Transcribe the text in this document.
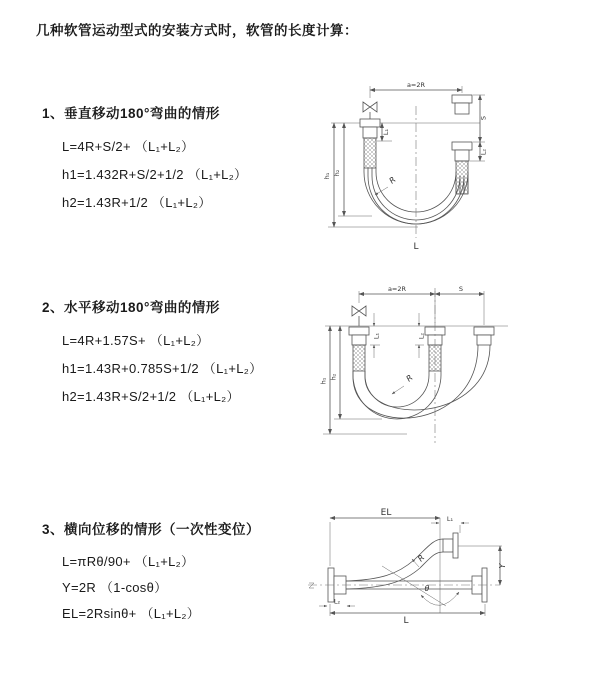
几种软管运动型式的安装方式时，软管的长度计算：
1、垂直移动180°弯曲的情形
L=4R+S/2+ （L₁+L₂）
h1=1.432R+S/2+1/2 （L₁+L₂）
h2=1.43R+1/2 （L₁+L₂）
2、水平移动180°弯曲的情形
L=4R+1.57S+ （L₁+L₂）
h1=1.43R+0.785S+1/2 （L₁+L₂）
h2=1.43R+S/2+1/2 （L₁+L₂）
3、横向位移的情形（一次性变位）
L=πRθ/90+ （L₁+L₂）
Y=2R （1-cosθ）
EL=2Rsinθ+ （L₁+L₂）
a=2R
h₁ h₂
L₁
S
L₂
R
L
a=2R	S
h₁
h₂
L₁	L₂
R
EL
L₁
Y
L
L₂
θ
R
